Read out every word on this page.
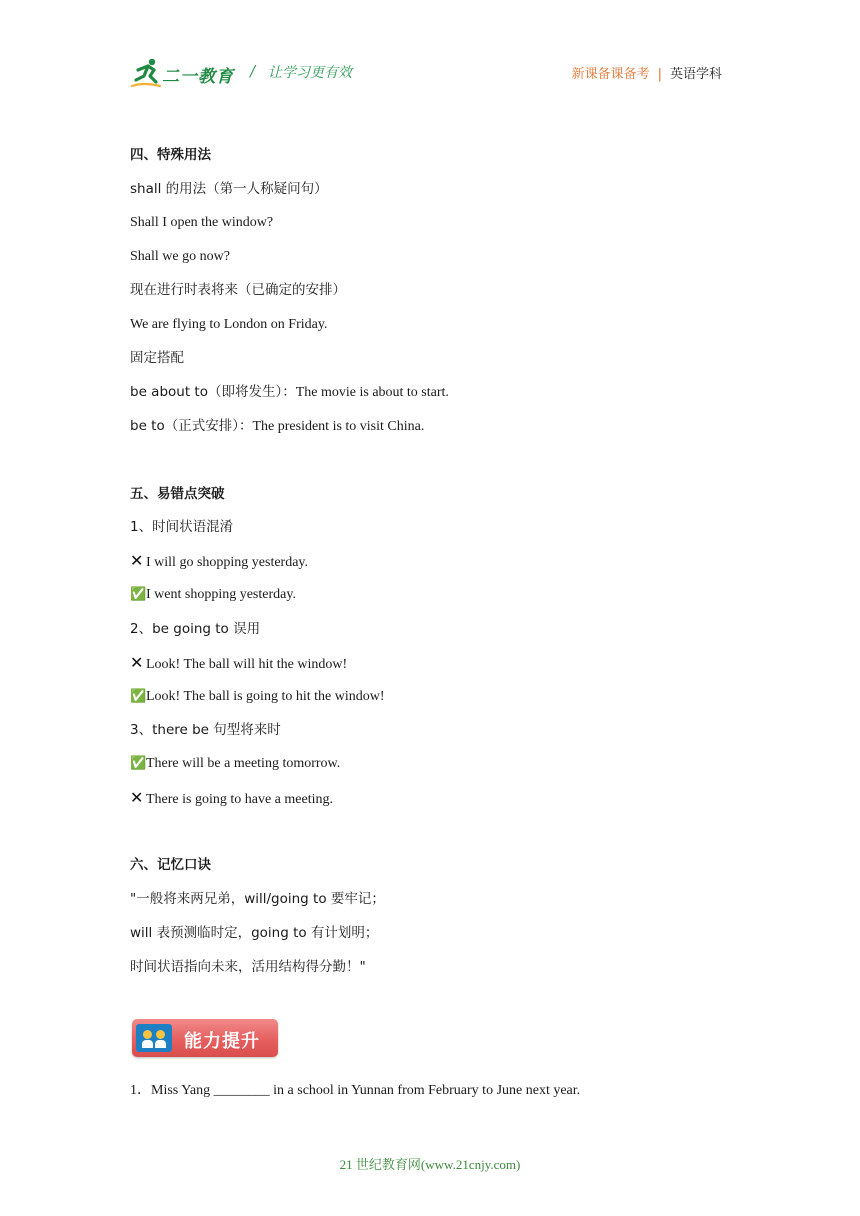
二一教育 / 让学习更有效	新课备课备考 | 英语学科
四、特殊用法
shall 的用法（第一人称疑问句）
Shall I open the window?
Shall we go now?
现在进行时表将来（已确定的安排）
We are flying to London on Friday.
固定搭配
be about to（即将发生）：The movie is about to start.
be to（正式安排）：The president is to visit China.
五、易错点突破
1、时间状语混淆
✕ I will go shopping yesterday.
✅I went shopping yesterday.
2、be going to 误用
✕ Look! The ball will hit the window!
✅Look! The ball is going to hit the window!
3、there be 句型将来时
✅There will be a meeting tomorrow.
✕ There is going to have a meeting.
六、记忆口诀
"一般将来两兄弟，will/going to 要牢记；
will 表预测临时定，going to 有计划明；
时间状语指向未来，活用结构得分勤！"
能力提升
1．Miss Yang ________ in a school in Yunnan from February to June next year.
21 世纪教育网(www.21cnjy.com)
